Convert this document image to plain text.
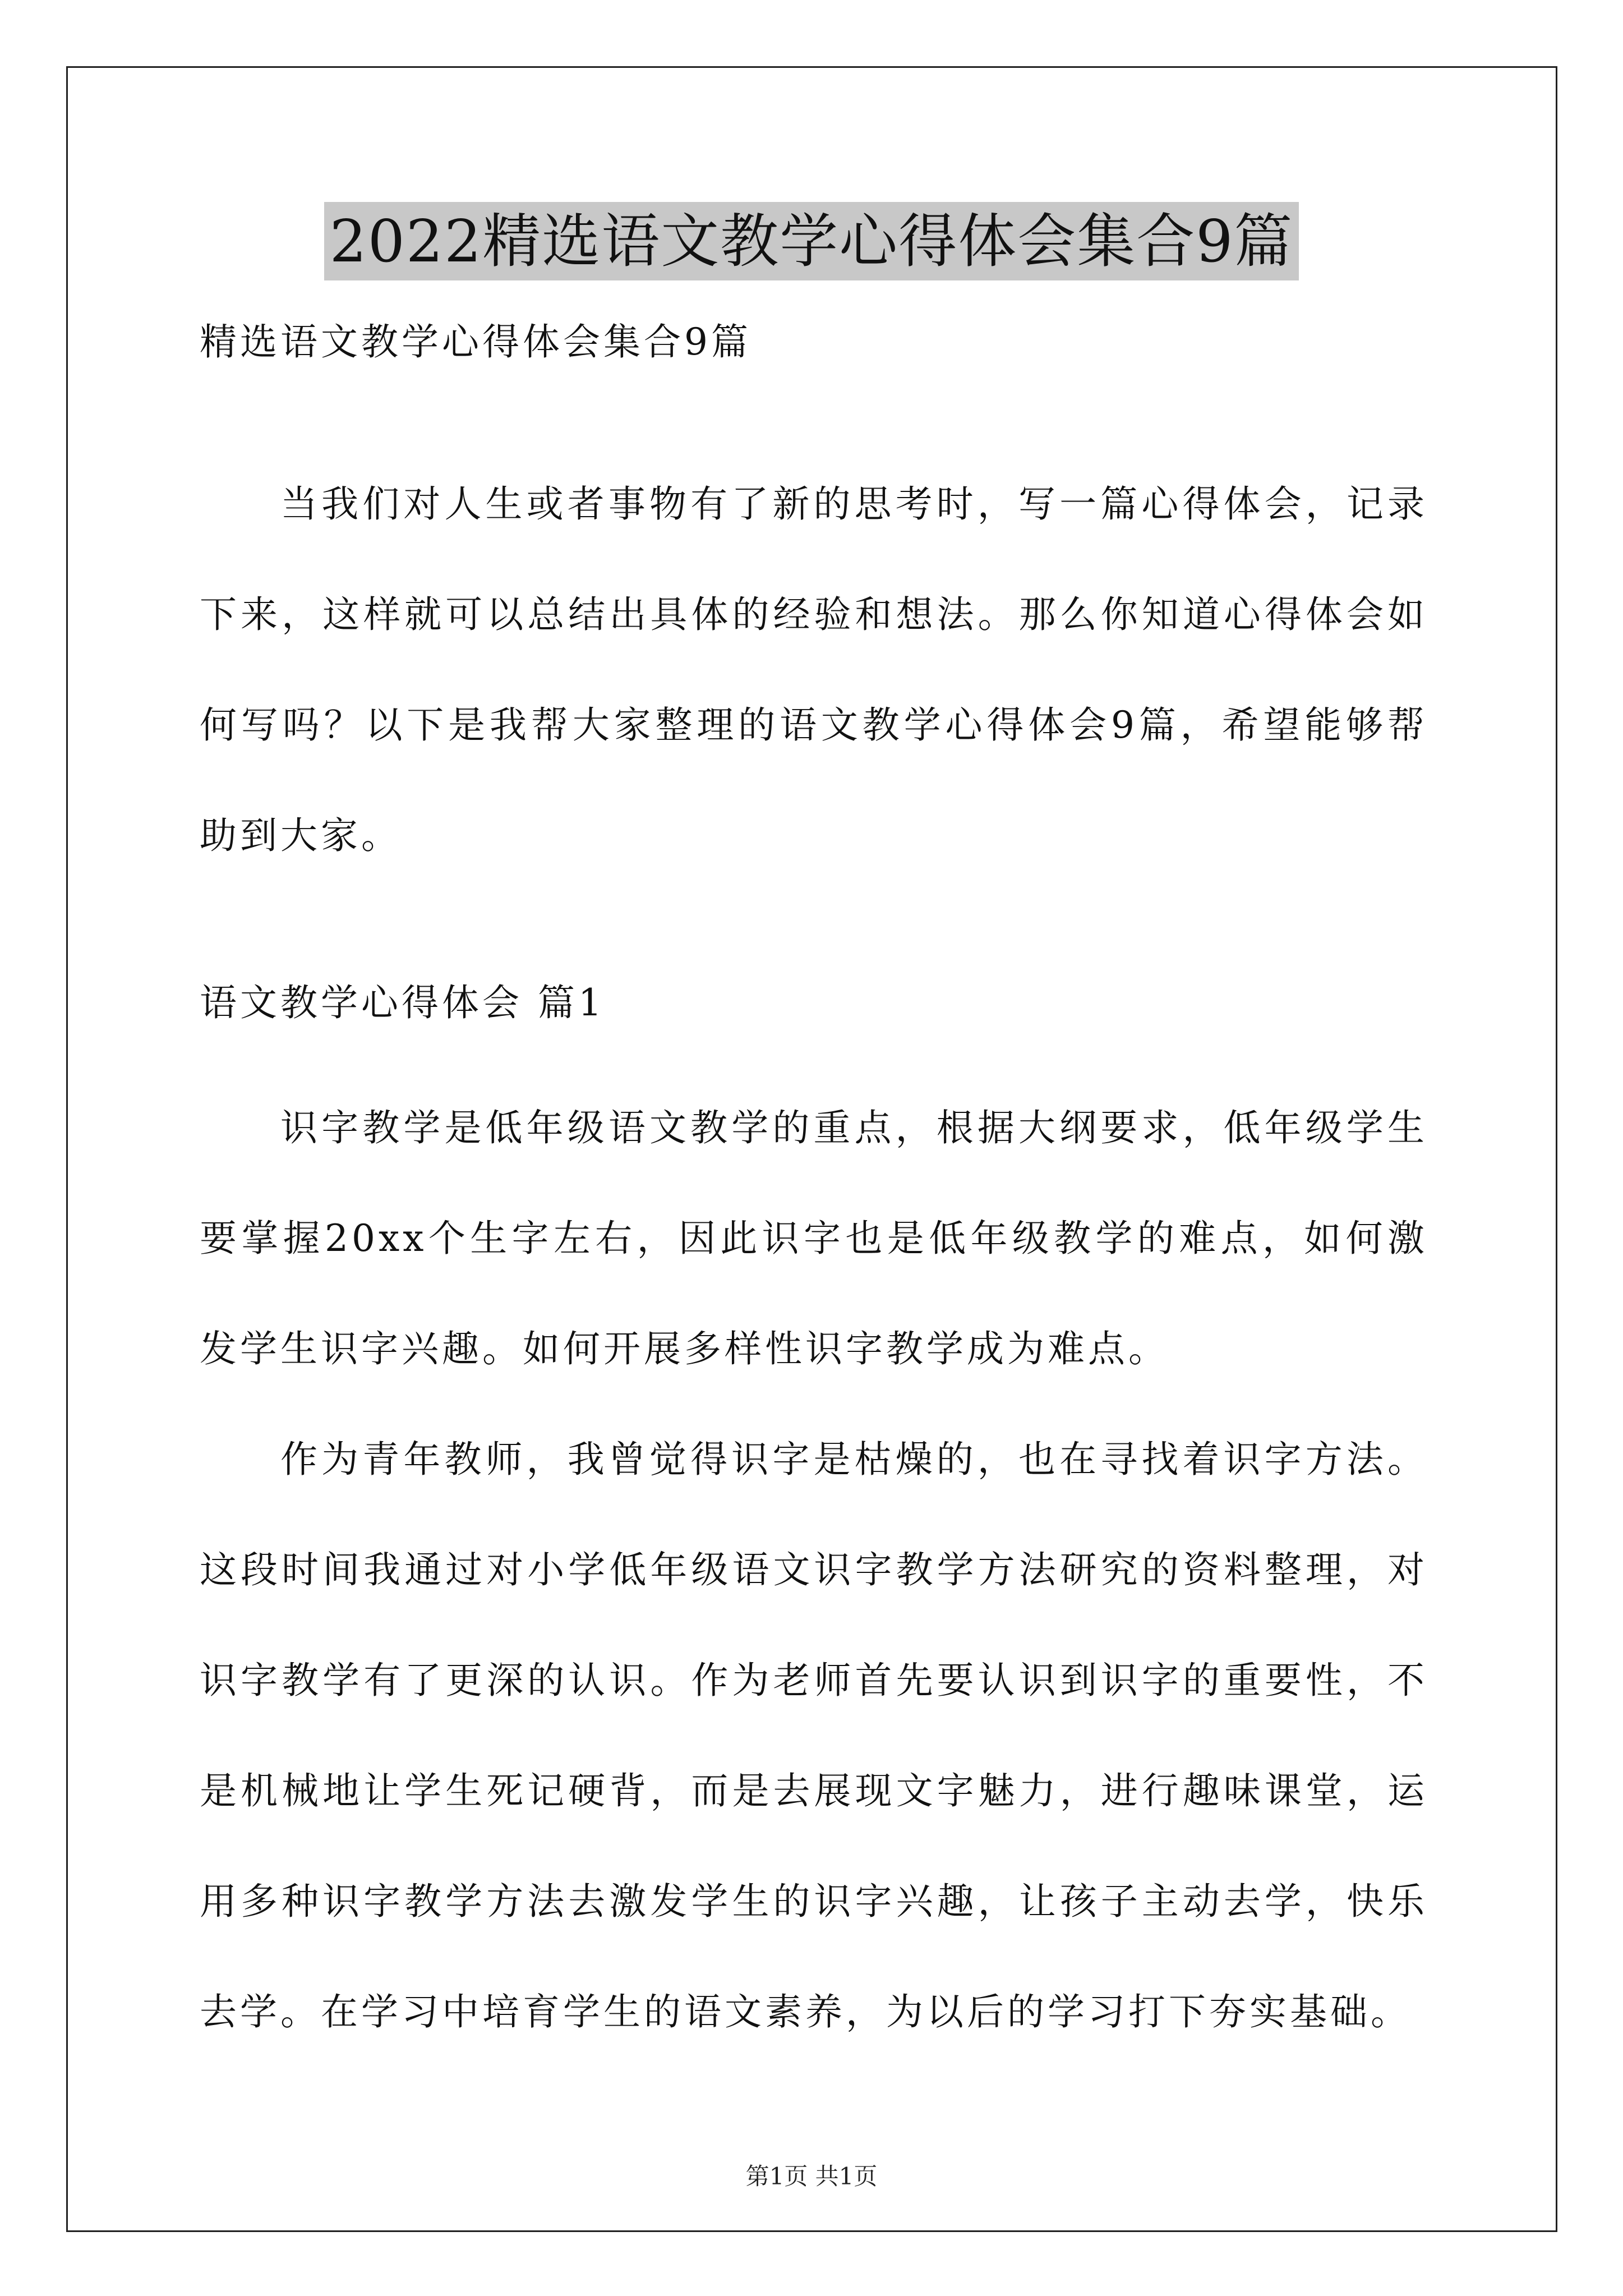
2022精选语文教学心得体会集合9篇
精选语文教学心得体会集合9篇
当我们对人生或者事物有了新的思考时，写一篇心得体会，记录下来，这样就可以总结出具体的经验和想法。那么你知道心得体会如何写吗？以下是我帮大家整理的语文教学心得体会9篇，希望能够帮助到大家。
语文教学心得体会 篇1

识字教学是低年级语文教学的重点，根据大纲要求，低年级学生要掌握20xx个生字左右，因此识字也是低年级教学的难点，如何激发学生识字兴趣。如何开展多样性识字教学成为难点。

作为青年教师，我曾觉得识字是枯燥的，也在寻找着识字方法。这段时间我通过对小学低年级语文识字教学方法研究的资料整理，对识字教学有了更深的认识。作为老师首先要认识到识字的重要性，不是机械地让学生死记硬背，而是去展现文字魅力，进行趣味课堂，运用多种识字教学方法去激发学生的识字兴趣，让孩子主动去学，快乐去学。在学习中培育学生的语文素养，为以后的学习打下夯实基础。

第1页 共1页
